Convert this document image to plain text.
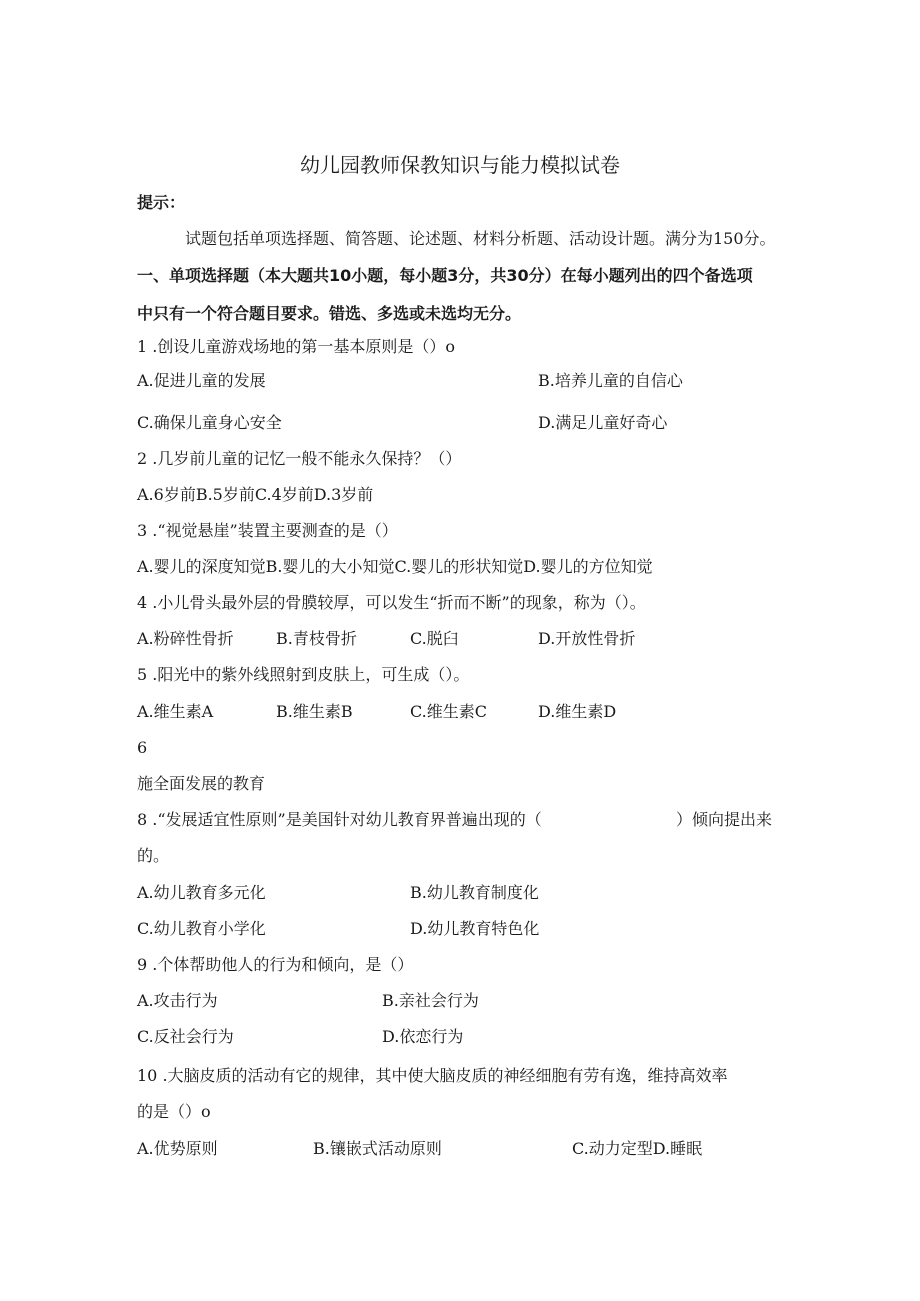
幼儿园教师保教知识与能力模拟试卷
提示：
试题包括单项选择题、简答题、论述题、材料分析题、活动设计题。满分为150分。
一、单项选择题（本大题共10小题，每小题3分，共30分）在每小题列出的四个备选项
中只有一个符合题目要求。错选、多选或未选均无分。
1 .创设儿童游戏场地的第一基本原则是（）o
A.促进儿童的发展	B.培养儿童的自信心
C.确保儿童身心安全	D.满足儿童好奇心
2 .几岁前儿童的记忆一般不能永久保持？（）
A.6岁前B.5岁前C.4岁前D.3岁前
3 .“视觉悬崖”装置主要测查的是（）
A.婴儿的深度知觉B.婴儿的大小知觉C.婴儿的形状知觉D.婴儿的方位知觉
4 .小儿骨头最外层的骨膜较厚，可以发生“折而不断”的现象，称为（）。
A.粉碎性骨折	B.青枝骨折	C.脱臼	D.开放性骨折
5 .阳光中的紫外线照射到皮肤上，可生成（）。
A.维生素A	B.维生素B	C.维生素C	D.维生素D
6
施全面发展的教育
8 .“发展适宜性原则”是美国针对幼儿教育界普遍出现的（	）倾向提出来
的。
A.幼儿教育多元化	B.幼儿教育制度化
C.幼儿教育小学化	D.幼儿教育特色化
9 .个体帮助他人的行为和倾向，是（）
A.攻击行为	B.亲社会行为
C.反社会行为	D.依恋行为
10 .大脑皮质的活动有它的规律，其中使大脑皮质的神经细胞有劳有逸，维持高效率
的是（）o
A.优势原则	B.镶嵌式活动原则	C.动力定型D.睡眠
